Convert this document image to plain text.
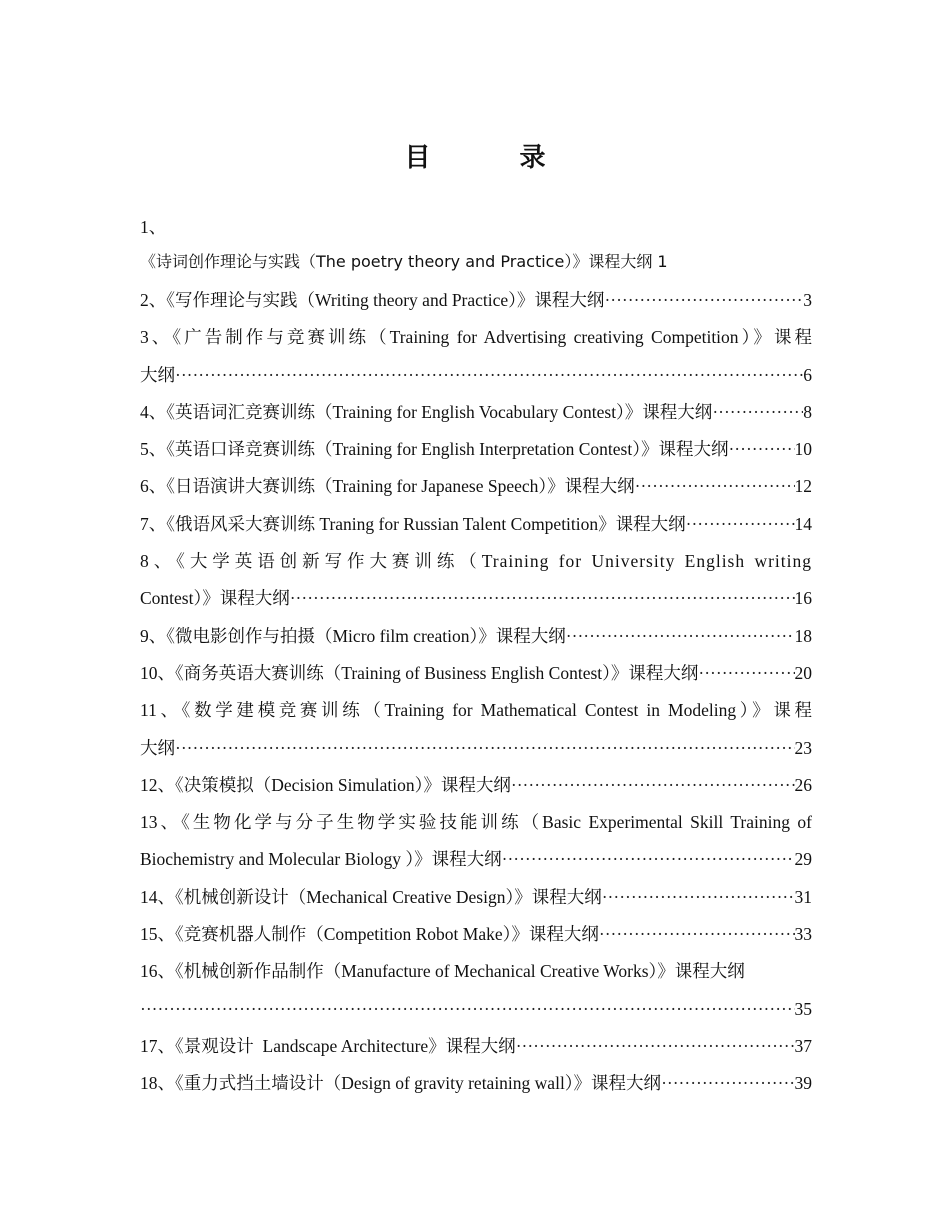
目 录
1、
《诗词创作理论与实践（The poetry theory and Practice）》课程大纲 1
2、《写作理论与实践（Writing theory and Practice）》课程大纲 ·····	3
3、《广告制作与竞赛训练（Training for Advertising creativing Competition）》课程
大纲 ·····	6
4、《英语词汇竞赛训练（Training for English Vocabulary Contest）》课程大纲 ·····	8
5、《英语口译竞赛训练（Training for English Interpretation Contest）》课程大纲 ·····	10
6、《日语演讲大赛训练（Training for Japanese Speech）》课程大纲 ·····	12
7、《俄语风采大赛训练 Traning for Russian Talent Competition》课程大纲 ·····	14
8、《大学英语创新写作大赛训练（Training for University English writing
Contest）》课程大纲 ·····	16
9、《微电影创作与拍摄（Micro film creation）》课程大纲 ·····	18
10、《商务英语大赛训练（Training of Business English Contest）》课程大纲 ·····	20
11、《数学建模竞赛训练（Training for Mathematical Contest in Modeling）》课程
大纲 ·····	23
12、《决策模拟（Decision Simulation）》课程大纲 ·····	26
13、《生物化学与分子生物学实验技能训练（Basic Experimental Skill Training of
Biochemistry and Molecular Biology ）》课程大纲 ·····	29
14、《机械创新设计（Mechanical Creative Design）》课程大纲 ·····	31
15、《竞赛机器人制作（Competition Robot Make）》课程大纲 ·····	33
16、《机械创新作品制作（Manufacture of Mechanical Creative Works）》课程大纲
·····
35
17、《景观设计  Landscape Architecture》课程大纲 ·····	37
18、《重力式挡土墙设计（Design of gravity retaining wall）》课程大纲 ·····	39
